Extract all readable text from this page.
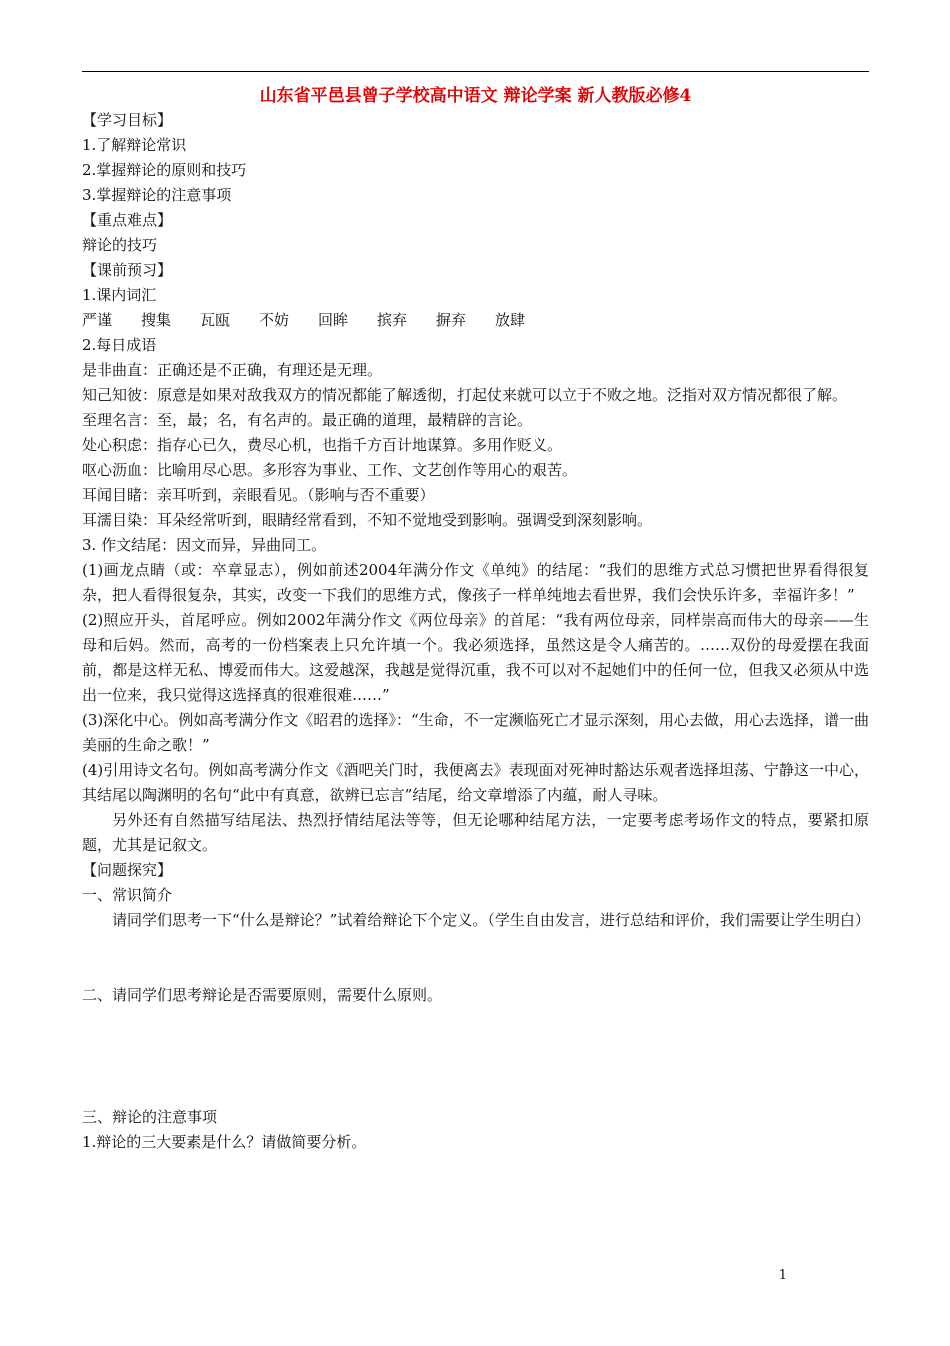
山东省平邑县曾子学校高中语文 辩论学案 新人教版必修4
【学习目标】
1.了解辩论常识
2.掌握辩论的原则和技巧
3.掌握辩论的注意事项
【重点难点】
辩论的技巧
【课前预习】
1.课内词汇
严谨	搜集	瓦瓯	不妨	回眸	摈弃	摒弃	放肆
2.每日成语
是非曲直：正确还是不正确，有理还是无理。
知己知彼：原意是如果对敌我双方的情况都能了解透彻，打起仗来就可以立于不败之地。泛指对双方情况都很了解。
至理名言：至，最；名，有名声的。最正确的道理，最精辟的言论。
处心积虑：指存心已久，费尽心机，也指千方百计地谋算。多用作贬义。
呕心沥血：比喻用尽心思。多形容为事业、工作、文艺创作等用心的艰苦。
耳闻目睹：亲耳听到，亲眼看见。（影响与否不重要）
耳濡目染：耳朵经常听到，眼睛经常看到，不知不觉地受到影响。强调受到深刻影响。
3. 作文结尾：因文而异，异曲同工。
(1)画龙点睛（或：卒章显志），例如前述2004年满分作文《单纯》的结尾：“我们的思维方式总习惯把世界看得很复杂，把人看得很复杂，其实，改变一下我们的思维方式，像孩子一样单纯地去看世界，我们会快乐许多，幸福许多！”
(2)照应开头，首尾呼应。例如2002年满分作文《两位母亲》的首尾：“我有两位母亲，同样崇高而伟大的母亲——生母和后妈。然而，高考的一份档案表上只允许填一个。我必须选择，虽然这是令人痛苦的。……双份的母爱摆在我面前，都是这样无私、博爱而伟大。这爱越深，我越是觉得沉重，我不可以对不起她们中的任何一位，但我又必须从中选出一位来，我只觉得这选择真的很难很难……”
(3)深化中心。例如高考满分作文《昭君的选择》：“生命，不一定濒临死亡才显示深刻，用心去做，用心去选择，谱一曲美丽的生命之歌！”
(4)引用诗文名句。例如高考满分作文《酒吧关门时，我便离去》表现面对死神时豁达乐观者选择坦荡、宁静这一中心，其结尾以陶渊明的名句“此中有真意，欲辨已忘言”结尾，给文章增添了内蕴，耐人寻味。
另外还有自然描写结尾法、热烈抒情结尾法等等，但无论哪种结尾方法，一定要考虑考场作文的特点，要紧扣原题，尤其是记叙文。
【问题探究】
一、常识简介
请同学们思考一下“什么是辩论？”试着给辩论下个定义。（学生自由发言，进行总结和评价，我们需要让学生明白）
二、请同学们思考辩论是否需要原则，需要什么原则。
三、辩论的注意事项
1.辩论的三大要素是什么？请做简要分析。
1
